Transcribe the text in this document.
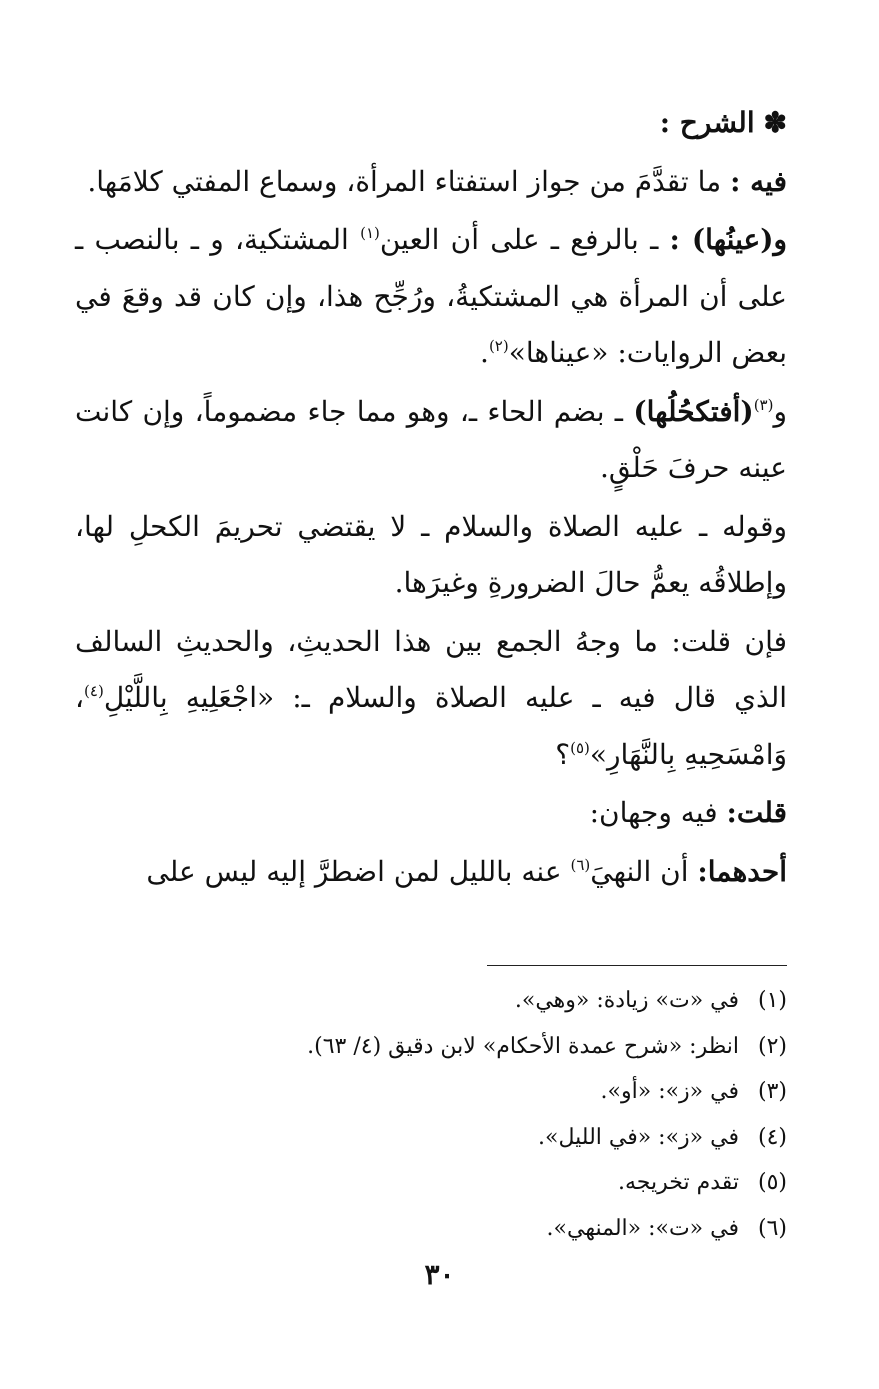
✽ الشرح :
فيه : ما تقدَّمَ من جواز استفتاء المرأة، وسماع المفتي كلامَها.
و(عينُها) : ـ بالرفع ـ على أن العين$^{(١)}$ المشتكية، و ـ بالنصب ـ على أن المرأة هي المشتكيةُ، ورُجِّح هذا، وإن كان قد وقعَ في بعض الروايات: «عيناها»$^{(٢)}$.
و$^{(٣)}$(أفتكحُلُها) ـ بضم الحاء ـ، وهو مما جاء مضموماً، وإن كانت عينه حرفَ حَلْقٍ.
وقوله ـ عليه الصلاة والسلام ـ لا يقتضي تحريمَ الكحلِ لها، وإطلاقُه يعمُّ حالَ الضرورةِ وغيرَها.
فإن قلت: ما وجهُ الجمع بين هذا الحديثِ، والحديثِ السالف الذي قال فيه ـ عليه الصلاة والسلام ـ: «اجْعَلِيهِ بِاللَّيْلِ$^{(٤)}$، وَامْسَحِيهِ بِالنَّهَارِ»$^{(٥)}$؟
قلت: فيه وجهان:
أحدهما: أن النهيَ$^{(٦)}$ عنه بالليل لمن اضطرَّ إليه ليس على
(١)
في «ت» زيادة: «وهي».
(٢)
انظر: «شرح عمدة الأحكام» لابن دقيق (٤/ ٦٣).
(٣)
في «ز»: «أو».
(٤)
في «ز»: «في الليل».
(٥)
تقدم تخريجه.
(٦)
في «ت»: «المنهي».
٣٠
